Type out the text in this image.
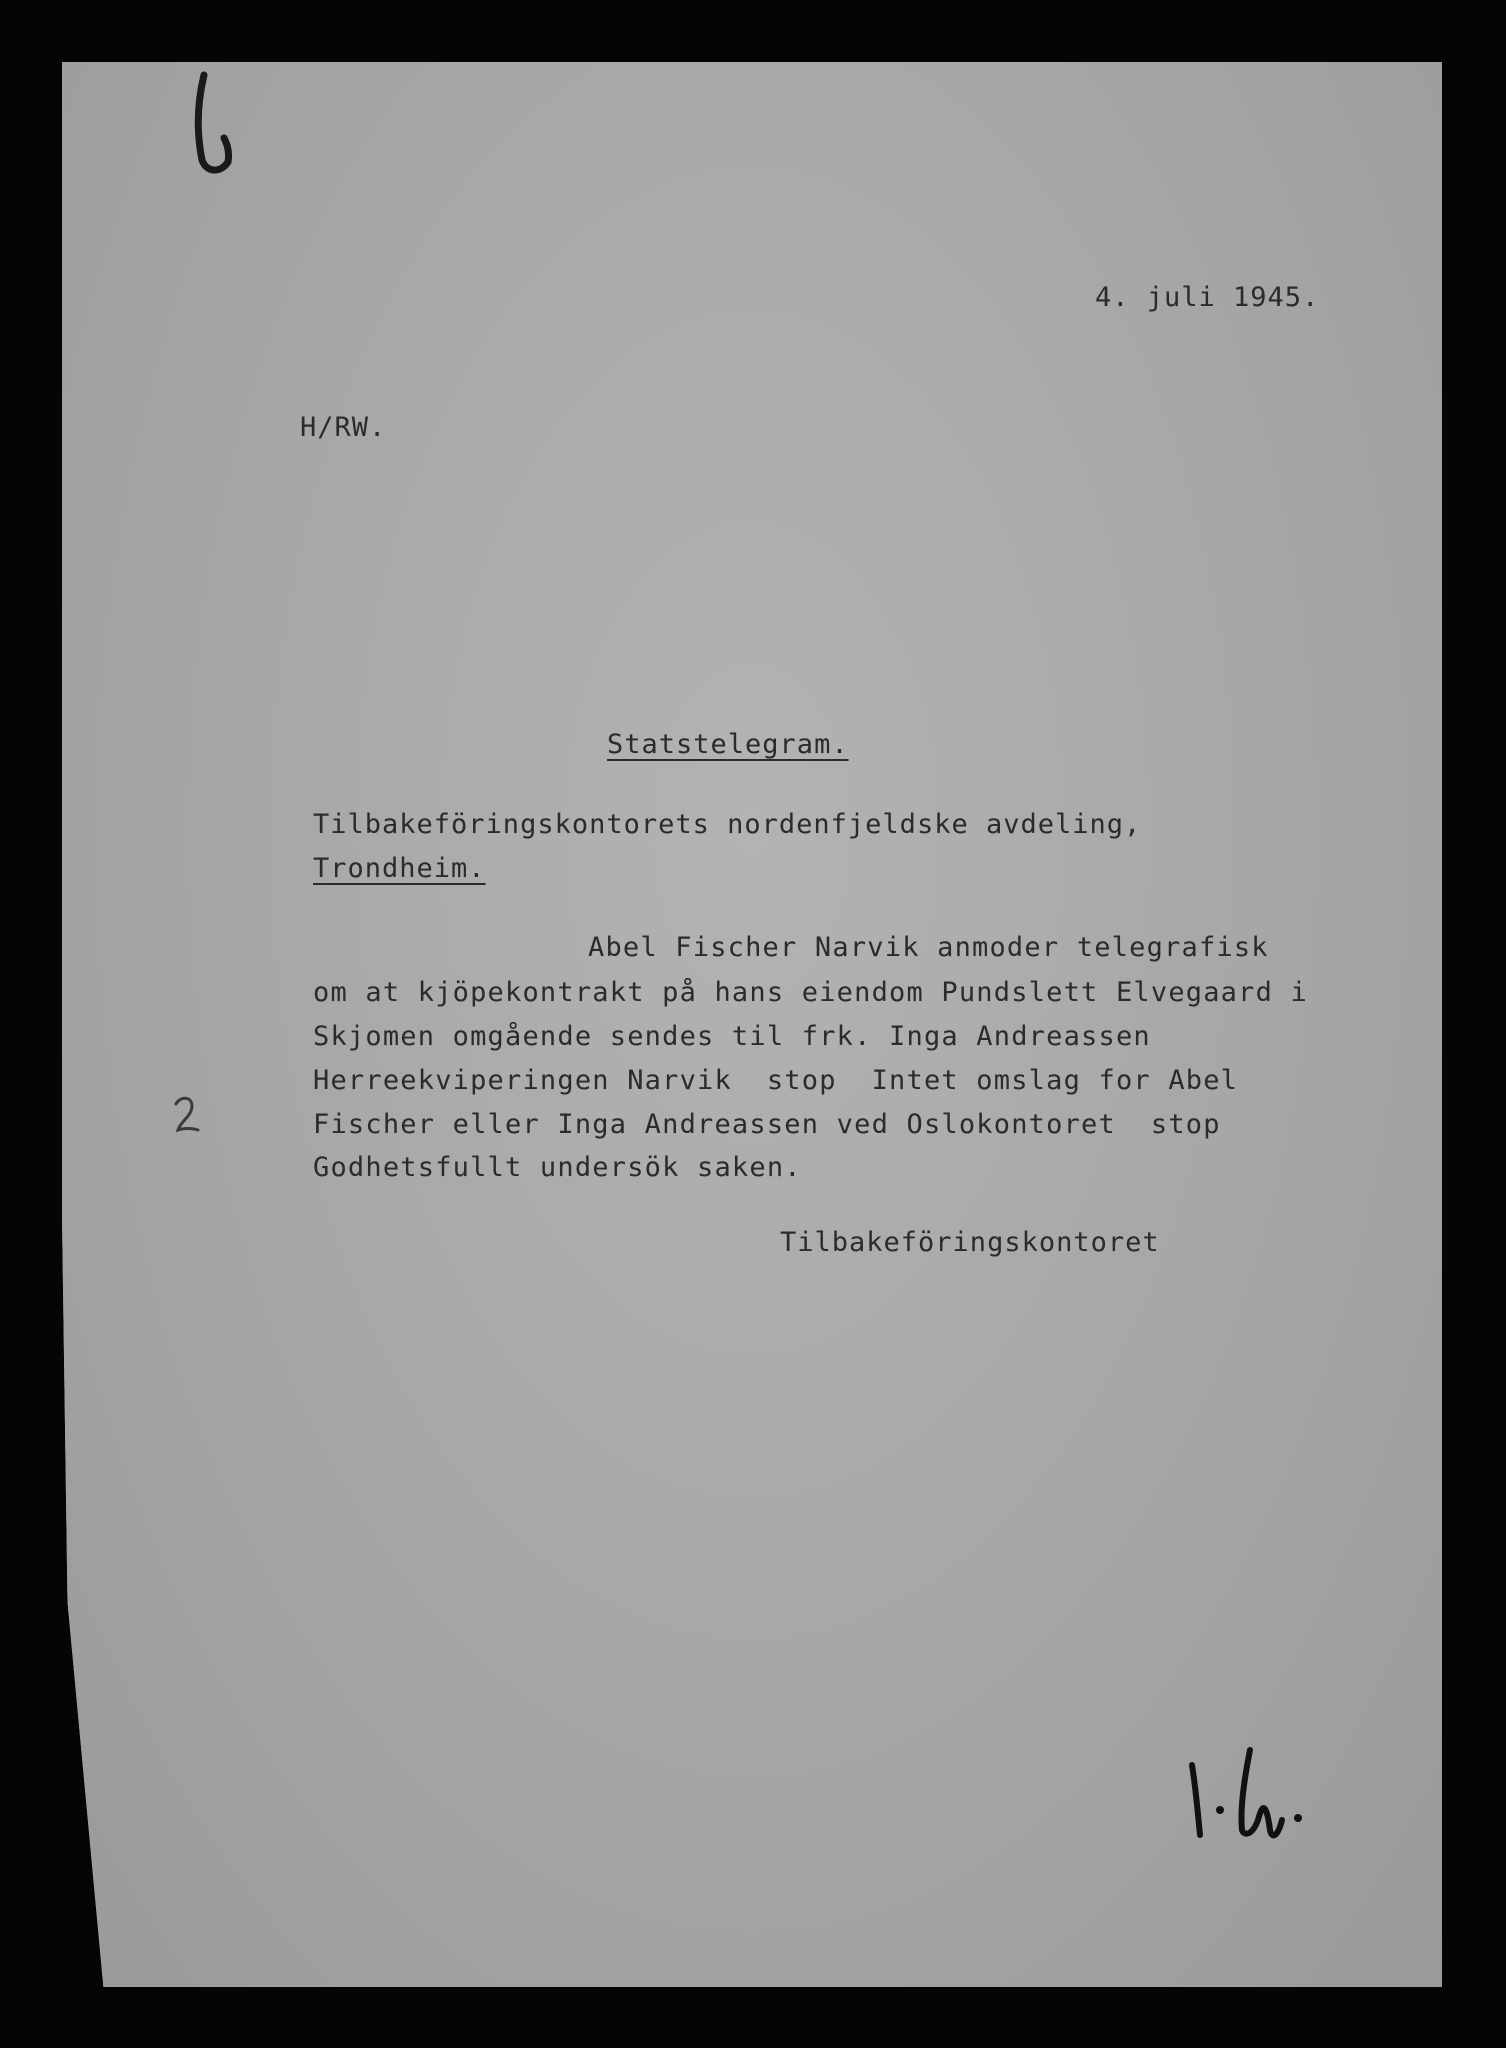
4. juli 1945.
H/RW.
Statstelegram.
Tilbakeföringskontorets nordenfjeldske avdeling,
Trondheim.
Abel Fischer Narvik anmoder telegrafisk
om at kjöpekontrakt på hans eiendom Pundslett Elvegaard i
Skjomen omgående sendes til frk. Inga Andreassen
Herreekviperingen Narvik  stop  Intet omslag for Abel
Fischer eller Inga Andreassen ved Oslokontoret  stop
Godhetsfullt undersök saken.
Tilbakeföringskontoret
